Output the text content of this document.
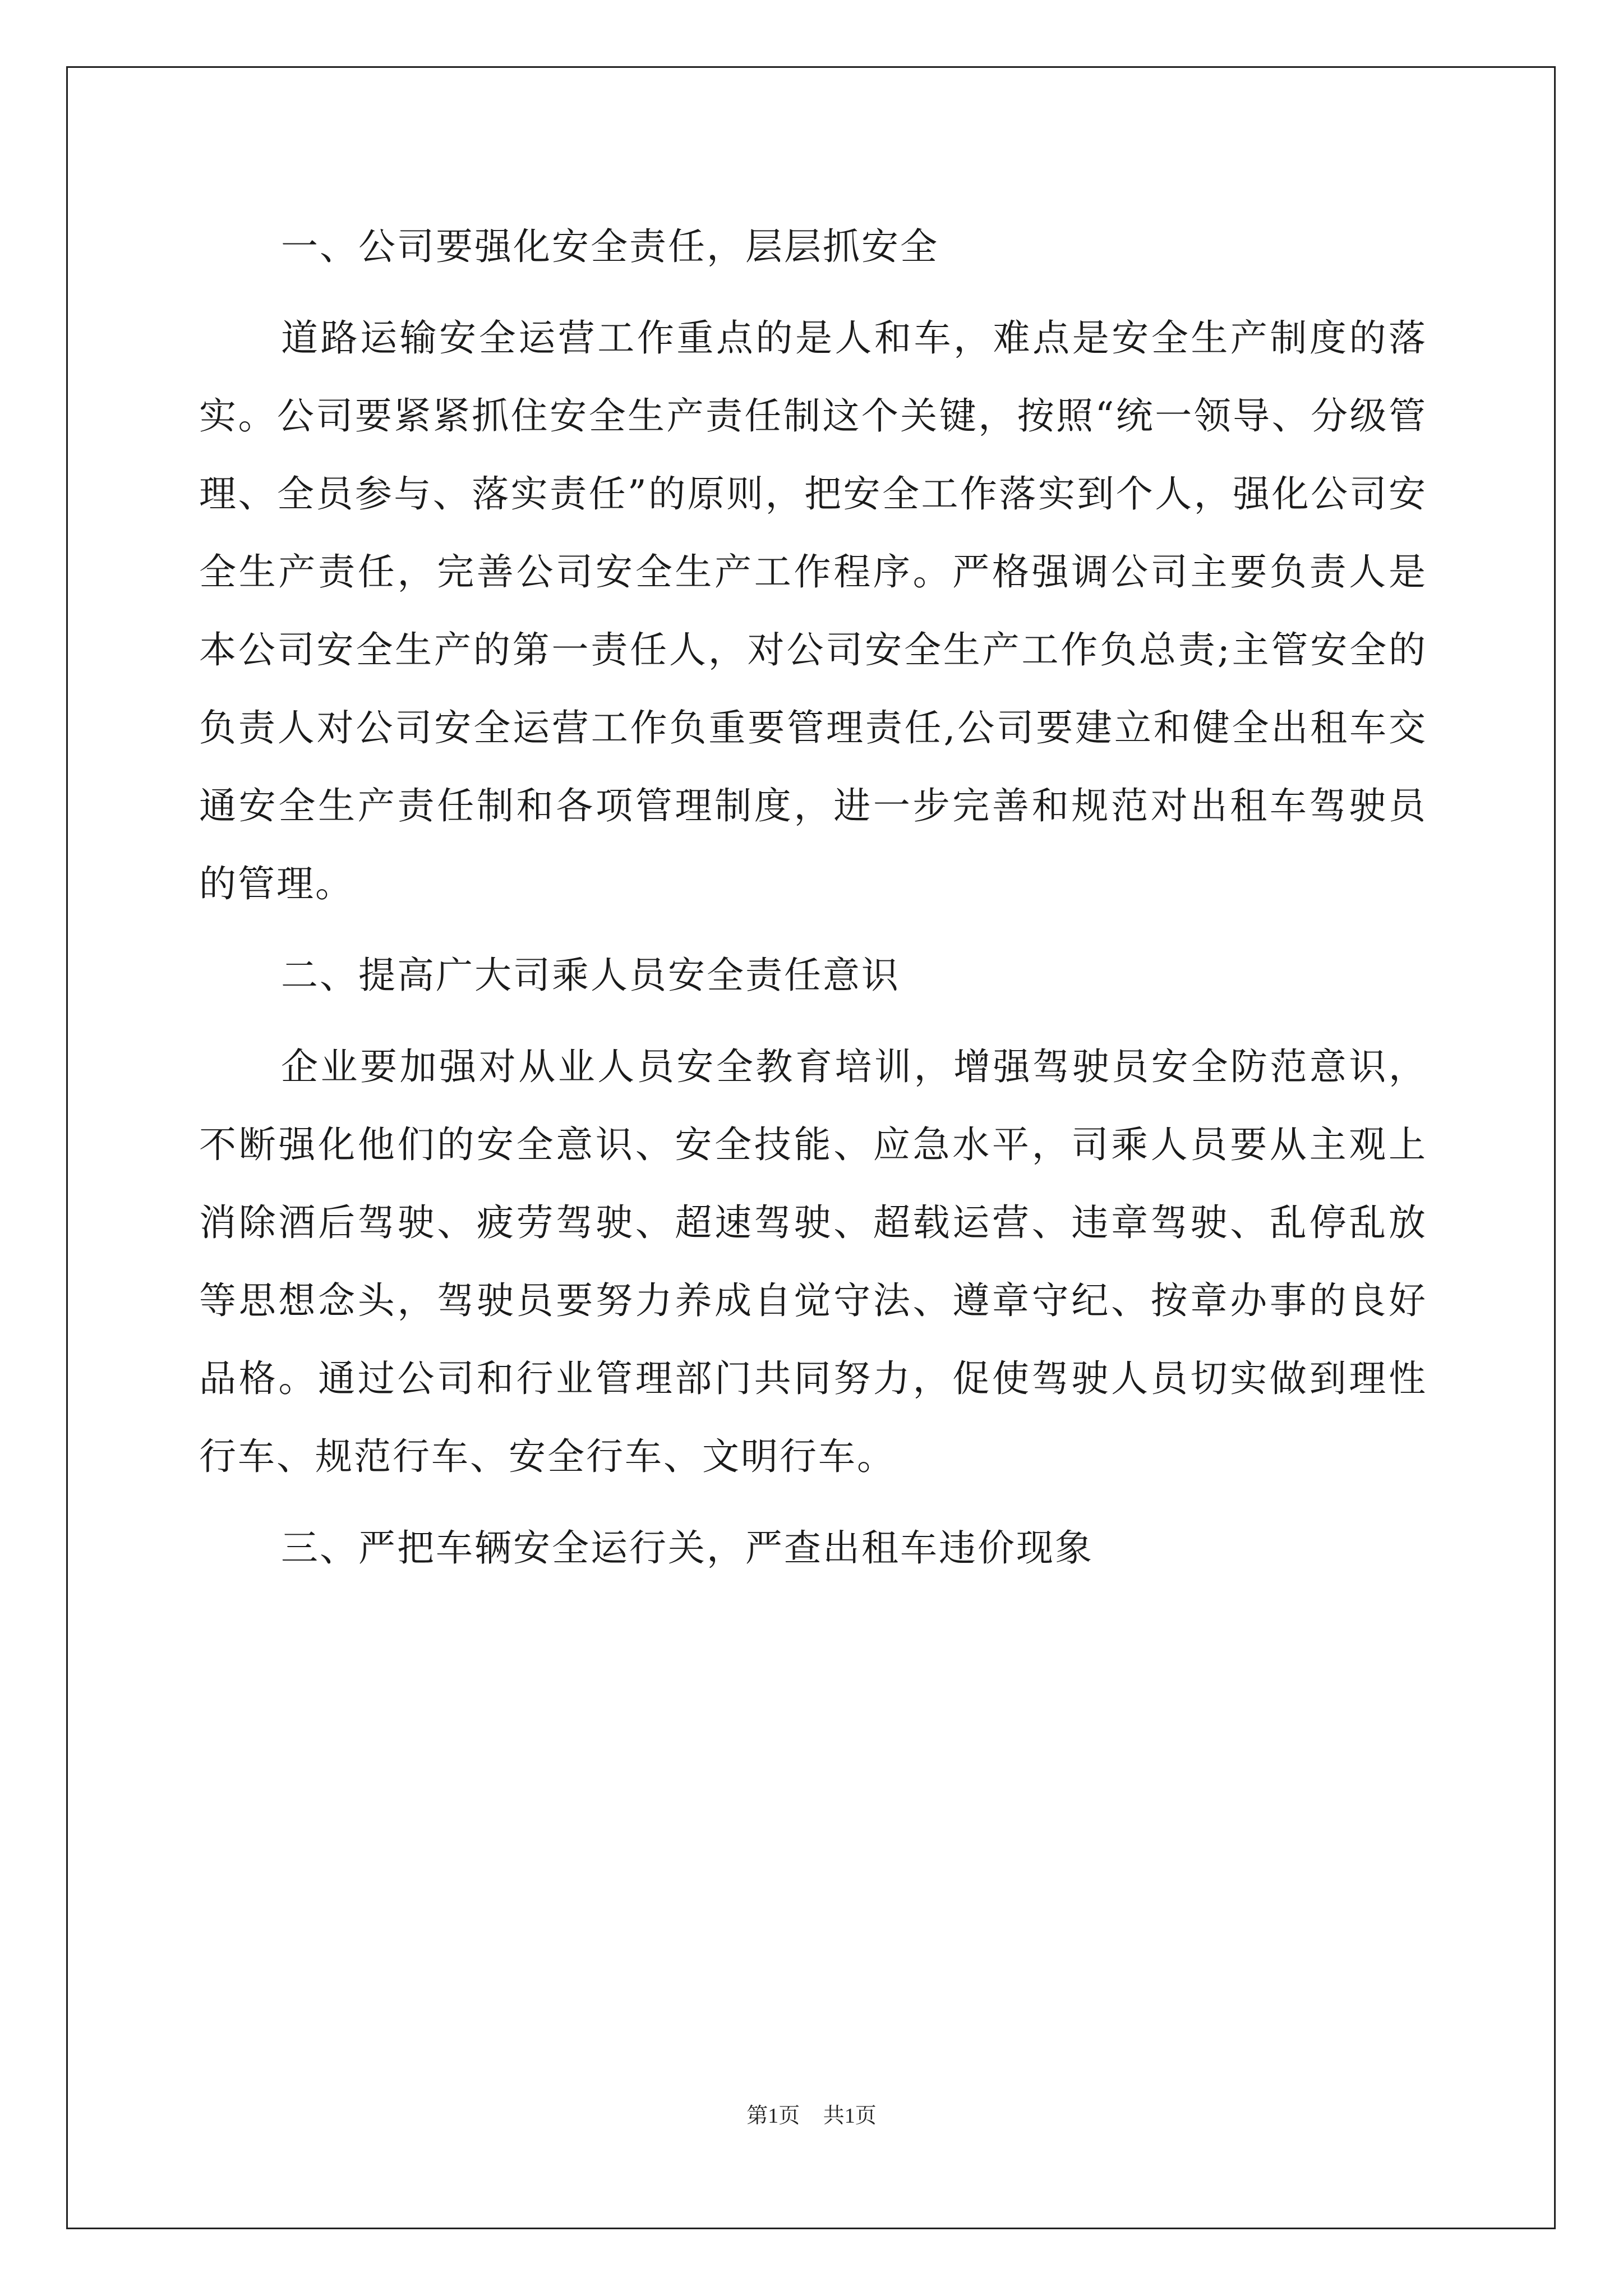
一、公司要强化安全责任，层层抓安全

道路运输安全运营工作重点的是人和车，难点是安全生产制度的落实。公司要紧紧抓住安全生产责任制这个关键，按照“统一领导、分级管理、全员参与、落实责任”的原则，把安全工作落实到个人，强化公司安全生产责任，完善公司安全生产工作程序。严格强调公司主要负责人是本公司安全生产的第一责任人，对公司安全生产工作负总责;主管安全的负责人对公司安全运营工作负重要管理责任,公司要建立和健全出租车交通安全生产责任制和各项管理制度，进一步完善和规范对出租车驾驶员的管理。

二、提高广大司乘人员安全责任意识

企业要加强对从业人员安全教育培训，增强驾驶员安全防范意识，不断强化他们的安全意识、安全技能、应急水平，司乘人员要从主观上消除酒后驾驶、疲劳驾驶、超速驾驶、超载运营、违章驾驶、乱停乱放等思想念头，驾驶员要努力养成自觉守法、遵章守纪、按章办事的良好品格。通过公司和行业管理部门共同努力，促使驾驶人员切实做到理性行车、规范行车、安全行车、文明行车。

三、严把车辆安全运行关，严查出租车违价现象

第1页 共1页
